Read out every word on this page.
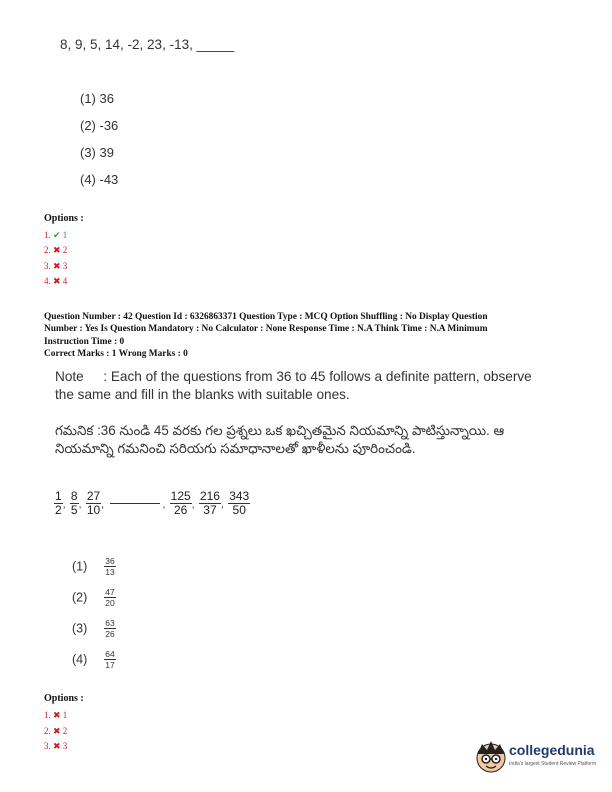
8, 9, 5, 14, -2, 23, -13, _____
(1) 36
(2) -36
(3) 39
(4) -43
Options :
1. ✔ 1
2. ✖ 2
3. ✖ 3
4. ✖ 4
Question Number : 42 Question Id : 6326863371 Question Type : MCQ Option Shuffling : No Display Question
Number : Yes Is Question Mandatory : No Calculator : None Response Time : N.A Think Time : N.A Minimum
Instruction Time : 0
Correct Marks : 1 Wrong Marks : 0
Note : Each of the questions from 36 to 45 follows a definite pattern, observe the same and fill in the blanks with suitable ones.
గమనిక :36 నుండి 45 వరకు గల ప్రశ్నలు ఒక ఖచ్చితమైన నియమాన్ని పాటిస్తున్నాయి. ఆ నియమాన్ని గమనించి సరియగు సమాధానాలతో ఖాళీలను పూరించండి.
$\frac{1}{2}$ , $\frac{8}{5}$ , $\frac{27}{10}$ ,	, $\frac{125}{26}$ , $\frac{216}{37}$ , $\frac{343}{50}$
$(1) \frac{36}{13}$
$(2) \frac{47}{20}$
$(3) \frac{63}{26}$
$(4) \frac{64}{17}$
Options :
1. ✖ 1
2. ✖ 2
3. ✖ 3	collegedunia
India's largest Student Review Platform
